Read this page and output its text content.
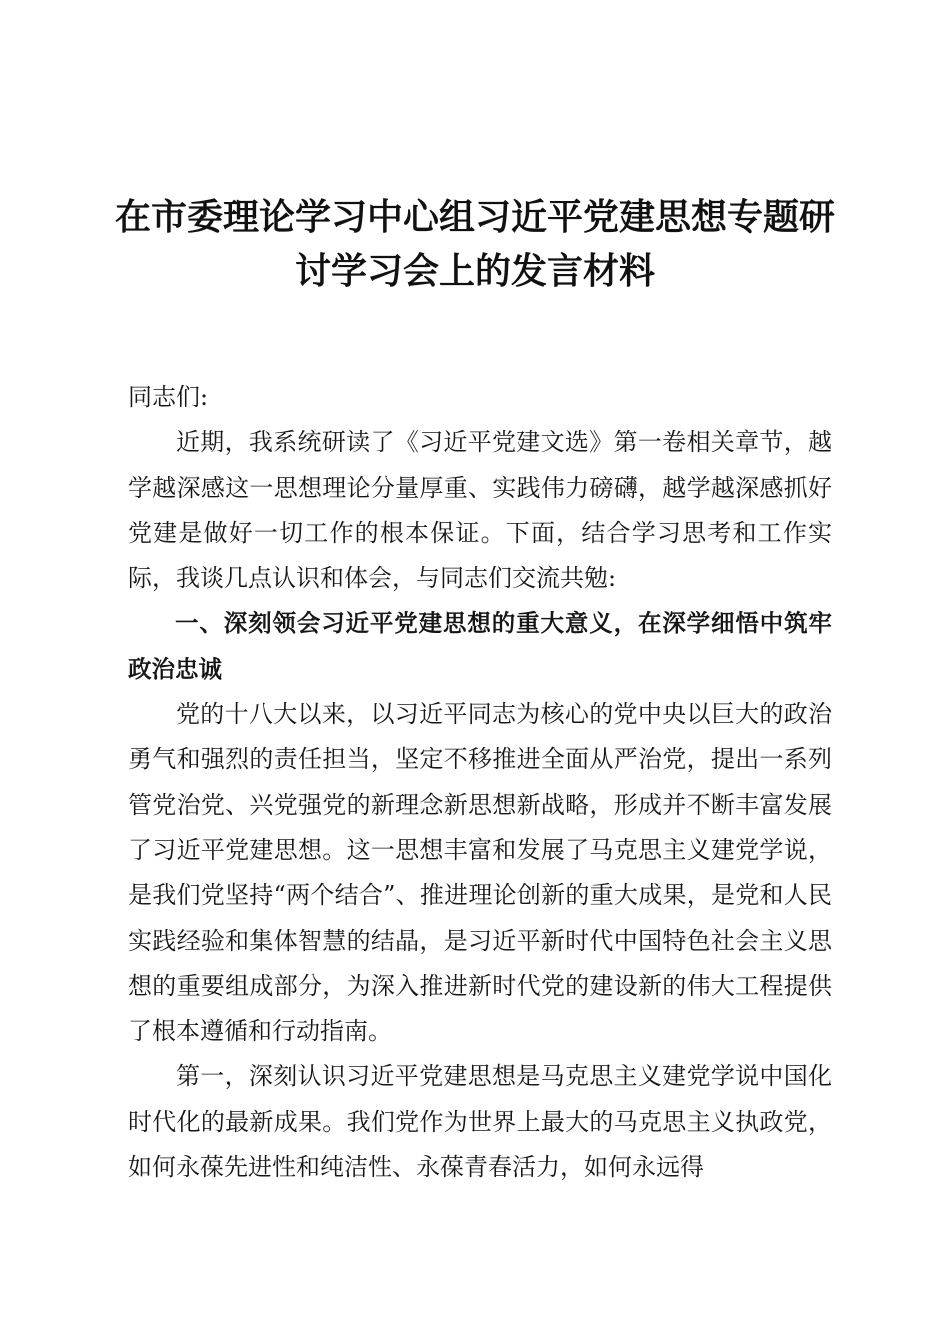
在市委理论学习中心组习近平党建思想专题研
讨学习会上的发言材料

同志们:

近期，我系统研读了《习近平党建文选》第一卷相关章节，越学越深感这一思想理论分量厚重、实践伟力磅礴，越学越深感抓好党建是做好一切工作的根本保证。下面，结合学习思考和工作实际，我谈几点认识和体会，与同志们交流共勉:

一、深刻领会习近平党建思想的重大意义，在深学细悟中筑牢政治忠诚

党的十八大以来，以习近平同志为核心的党中央以巨大的政治勇气和强烈的责任担当，坚定不移推进全面从严治党，提出一系列管党治党、兴党强党的新理念新思想新战略，形成并不断丰富发展了习近平党建思想。这一思想丰富和发展了马克思主义建党学说，是我们党坚持“两个结合”、推进理论创新的重大成果，是党和人民实践经验和集体智慧的结晶，是习近平新时代中国特色社会主义思想的重要组成部分，为深入推进新时代党的建设新的伟大工程提供了根本遵循和行动指南。

第一，深刻认识习近平党建思想是马克思主义建党学说中国化时代化的最新成果。我们党作为世界上最大的马克思主义执政党，如何永葆先进性和纯洁性、永葆青春活力，如何永远得
